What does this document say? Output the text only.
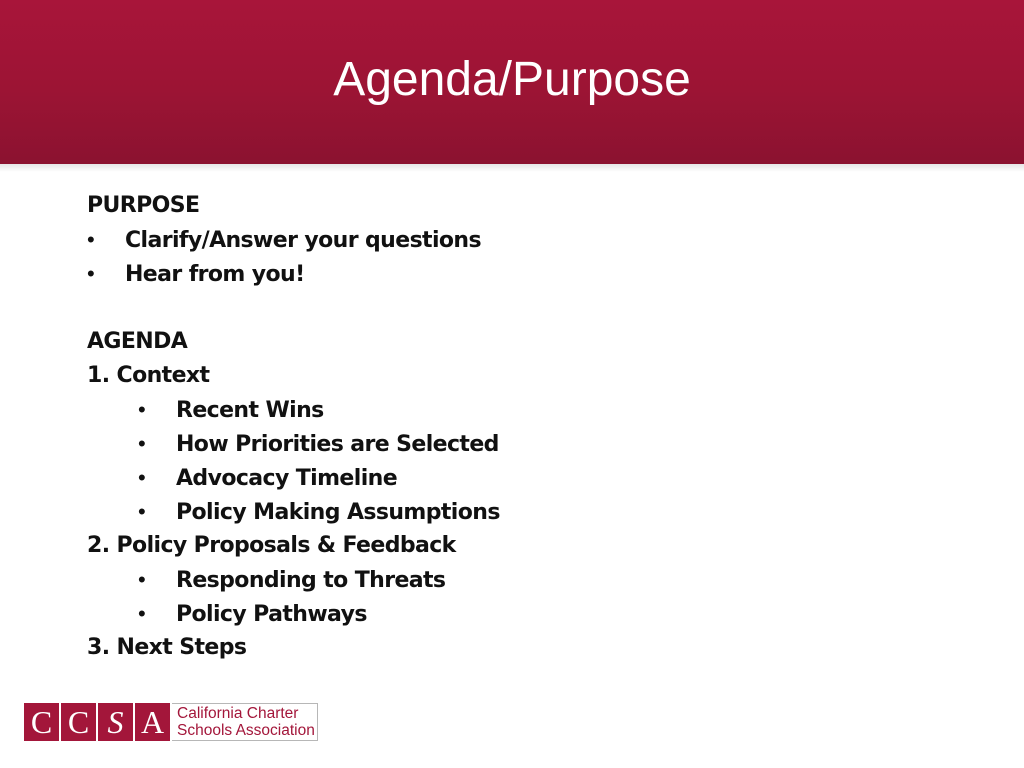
Agenda/Purpose
PURPOSE
• Clarify/Answer your questions
• Hear from you!
AGENDA
1. Context
• Recent Wins
• How Priorities are Selected
• Advocacy Timeline
• Policy Making Assumptions
2. Policy Proposals & Feedback
• Responding to Threats
• Policy Pathways
3. Next Steps
C C S A California Charter
Schools Association
